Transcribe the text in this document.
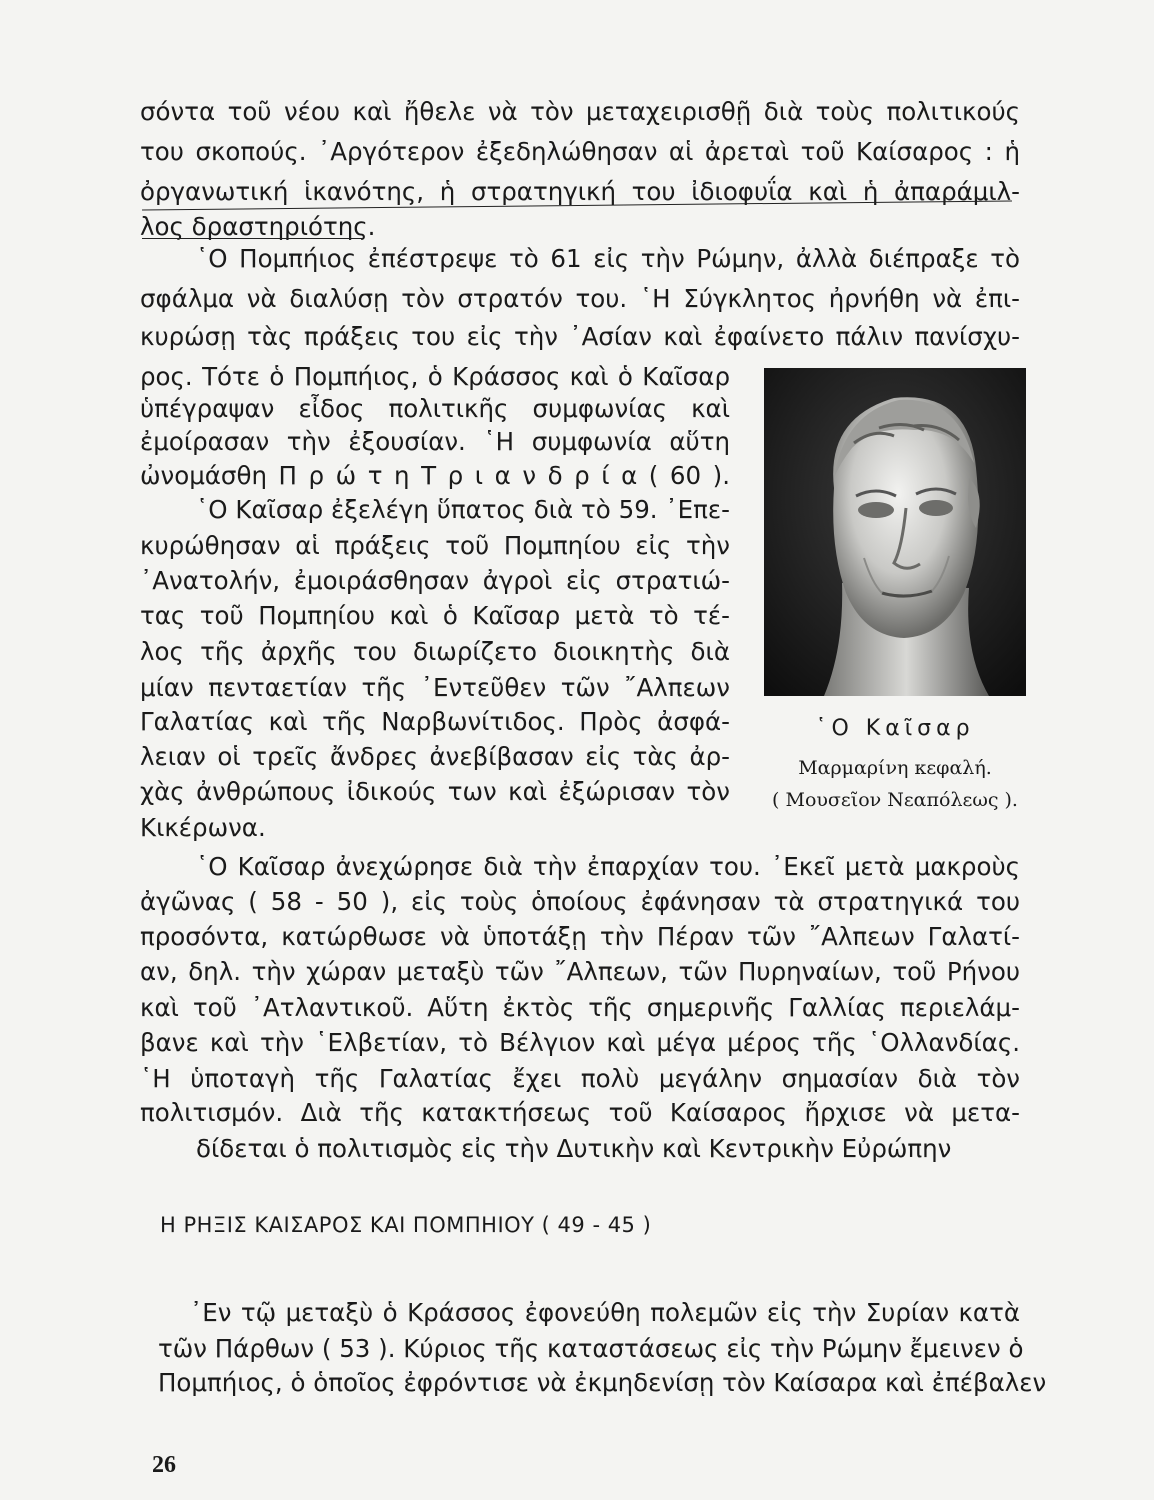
σόντα τοῦ νέου καὶ ἤθελε νὰ τὸν μεταχειρισθῇ διὰ τοὺς πολιτικούς
του σκοπούς. ᾿Αργότερον ἐξεδηλώθησαν αἱ ἀρεταὶ τοῦ Καίσαρος : ἡ
ὀργανωτική ἱκανότης, ἡ στρατηγική του ἰδιοφυΐα καὶ ἡ ἀπαράμιλ-
λος δραστηριότης.
῾Ο Πομπήιος ἐπέστρεψε τὸ 61 εἰς τὴν Ρώμην, ἀλλὰ διέπραξε τὸ
σφάλμα νὰ διαλύσῃ τὸν στρατόν του. ῾Η Σύγκλητος ἠρνήθη νὰ ἐπι-
κυρώσῃ τὰς πράξεις του εἰς τὴν ᾿Ασίαν καὶ ἐφαίνετο πάλιν πανίσχυ-
ρος. Τότε ὁ Πομπήιος, ὁ Κράσσος καὶ ὁ Καῖσαρ
ὑπέγραψαν εἶδος πολιτικῆς συμφωνίας καὶ
ἐμοίρασαν τὴν ἐξουσίαν. ῾Η συμφωνία αὕτη
ὠνομάσθη Π ρ ώ τ η Τ ρ ι α ν δ ρ ί α ( 60 ).
῾Ο Καῖσαρ ἐξελέγη ὕπατος διὰ τὸ 59. ᾿Επε-
κυρώθησαν αἱ πράξεις τοῦ Πομπηίου εἰς τὴν
᾿Ανατολήν, ἐμοιράσθησαν ἀγροὶ εἰς στρατιώ-
τας τοῦ Πομπηίου καὶ ὁ Καῖσαρ μετὰ τὸ τέ-
λος τῆς ἀρχῆς του διωρίζετο διοικητὴς διὰ
μίαν πενταετίαν τῆς ᾿Εντεῦθεν τῶν ῎Αλπεων
Γαλατίας καὶ τῆς Ναρβωνίτιδος. Πρὸς ἀσφά-
λειαν οἱ τρεῖς ἄνδρες ἀνεβίβασαν εἰς τὰς ἀρ-
χὰς ἀνθρώπους ἰδικούς των καὶ ἐξώρισαν τὸν
Κικέρωνα.
῾Ο Καῖσαρ
Μαρμαρίνη κεφαλή.
( Μουσεῖον Νεαπόλεως ).
῾Ο Καῖσαρ ἀνεχώρησε διὰ τὴν ἐπαρχίαν του. ᾿Εκεῖ μετὰ μακροὺς
ἀγῶνας ( 58 - 50 ), εἰς τοὺς ὁποίους ἐφάνησαν τὰ στρατηγικά του
προσόντα, κατώρθωσε νὰ ὑποτάξῃ τὴν Πέραν τῶν ῎Αλπεων Γαλατί-
αν, δηλ. τὴν χώραν μεταξὺ τῶν ῎Αλπεων, τῶν Πυρηναίων, τοῦ Ρήνου
καὶ τοῦ ᾿Ατλαντικοῦ. Αὕτη ἐκτὸς τῆς σημερινῆς Γαλλίας περιελάμ-
βανε καὶ τὴν ῾Ελβετίαν, τὸ Βέλγιον καὶ μέγα μέρος τῆς ῾Ολλανδίας.
῾Η ὑποταγὴ τῆς Γαλατίας ἔχει πολὺ μεγάλην σημασίαν διὰ τὸν
πολιτισμόν. Διὰ τῆς κατακτήσεως τοῦ Καίσαρος ἤρχισε νὰ μετα-
δίδεται ὁ πολιτισμὸς εἰς τὴν Δυτικὴν καὶ Κεντρικὴν Εὐρώπην
Η ΡΗΞΙΣ ΚΑΙΣΑΡΟΣ ΚΑΙ ΠΟΜΠΗΙΟΥ ( 49 - 45 )
᾿Εν τῷ μεταξὺ ὁ Κράσσος ἐφονεύθη πολεμῶν εἰς τὴν Συρίαν κατὰ
τῶν Πάρθων ( 53 ). Κύριος τῆς καταστάσεως εἰς τὴν Ρώμην ἔμεινεν ὁ
Πομπήιος, ὁ ὁποῖος ἐφρόντισε νὰ ἐκμηδενίσῃ τὸν Καίσαρα καὶ ἐπέβαλεν
26
